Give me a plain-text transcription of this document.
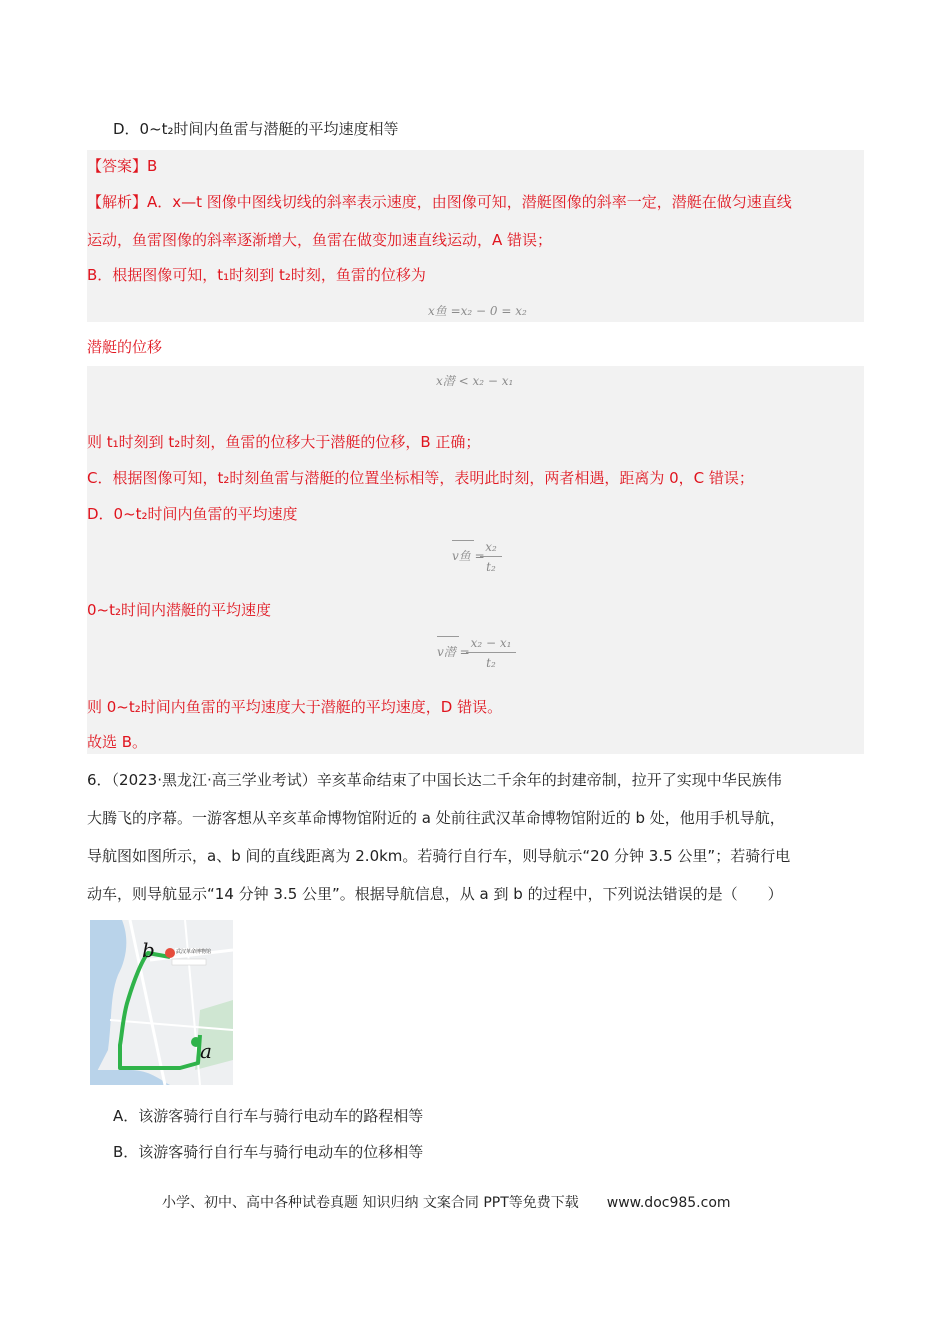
D．0~t₂时间内鱼雷与潜艇的平均速度相等
【答案】B
【解析】A．x—t 图像中图线切线的斜率表示速度，由图像可知，潜艇图像的斜率一定，潜艇在做匀速直线
运动，鱼雷图像的斜率逐渐增大，鱼雷在做变加速直线运动，A 错误；
B．根据图像可知，t₁时刻到 t₂时刻，鱼雷的位移为
x鱼 =x₂ − 0 = x₂
潜艇的位移
x潜 < x₂ − x₁
则 t₁时刻到 t₂时刻，鱼雷的位移大于潜艇的位移，B 正确；
C．根据图像可知，t₂时刻鱼雷与潜艇的位置坐标相等，表明此时刻，两者相遇，距离为 0，C 错误；
D．0~t₂时间内鱼雷的平均速度
v鱼 =
$\frac{\text{x₂}}{\text{t₂}}$
0~t₂时间内潜艇的平均速度
v潜 =
$\frac{\text{x₂ − x₁}}{\text{t₂}}$
则 0~t₂时间内鱼雷的平均速度大于潜艇的平均速度，D 错误。
故选 B。
6．（2023·黑龙江·高三学业考试）辛亥革命结束了中国长达二千余年的封建帝制，拉开了实现中华民族伟
大腾飞的序幕。一游客想从辛亥革命博物馆附近的 a 处前往武汉革命博物馆附近的 b 处，他用手机导航，
导航图如图所示，a、b 间的直线距离为 2.0km。若骑行自行车，则导航示“20 分钟 3.5 公里”；若骑行电
动车，则导航显示“14 分钟 3.5 公里”。根据导航信息，从 a 到 b 的过程中，下列说法错误的是（　　）
b
a
武汉革命博物馆
A．该游客骑行自行车与骑行电动车的路程相等
B．该游客骑行自行车与骑行电动车的位移相等
小学、初中、高中各种试卷真题 知识归纳 文案合同 PPT等免费下载　　www.doc985.com
